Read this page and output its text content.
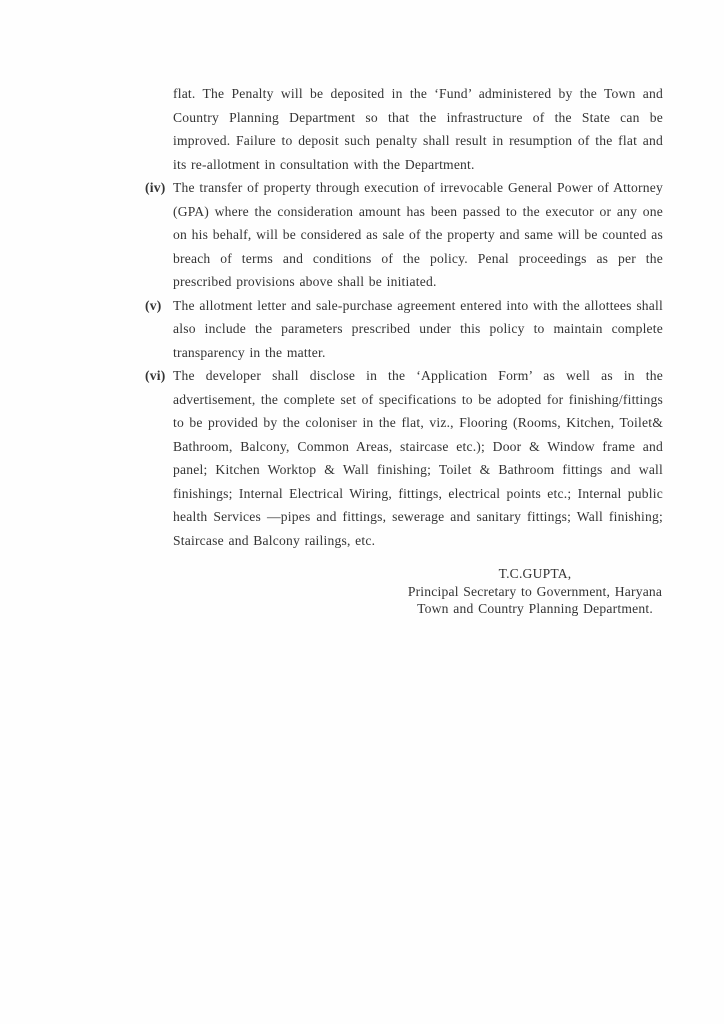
flat. The Penalty will be deposited in the ‘Fund’ administered by the Town and Country Planning Department so that the infrastructure of the State can be improved. Failure to deposit such penalty shall result in resumption of the flat and its re-allotment in consultation with the Department.

(iv) The transfer of property through execution of irrevocable General Power of Attorney (GPA) where the consideration amount has been passed to the executor or any one on his behalf, will be considered as sale of the property and same will be counted as breach of terms and conditions of the policy. Penal proceedings as per the prescribed provisions above shall be initiated.
(v) The allotment letter and sale-purchase agreement entered into with the allottees shall also include the parameters prescribed under this policy to maintain complete transparency in the matter.
(vi) The developer shall disclose in the ‘Application Form’ as well as in the advertisement, the complete set of specifications to be adopted for finishing/fittings to be provided by the coloniser in the flat, viz., Flooring (Rooms, Kitchen, Toilet& Bathroom, Balcony, Common Areas, staircase etc.); Door & Window frame and panel; Kitchen Worktop & Wall finishing; Toilet & Bathroom fittings and wall finishings; Internal Electrical Wiring, fittings, electrical points etc.; Internal public health Services —pipes and fittings, sewerage and sanitary fittings; Wall finishing; Staircase and Balcony railings, etc.
T.C.GUPTA,
Principal Secretary to Government, Haryana
Town and Country Planning Department.
